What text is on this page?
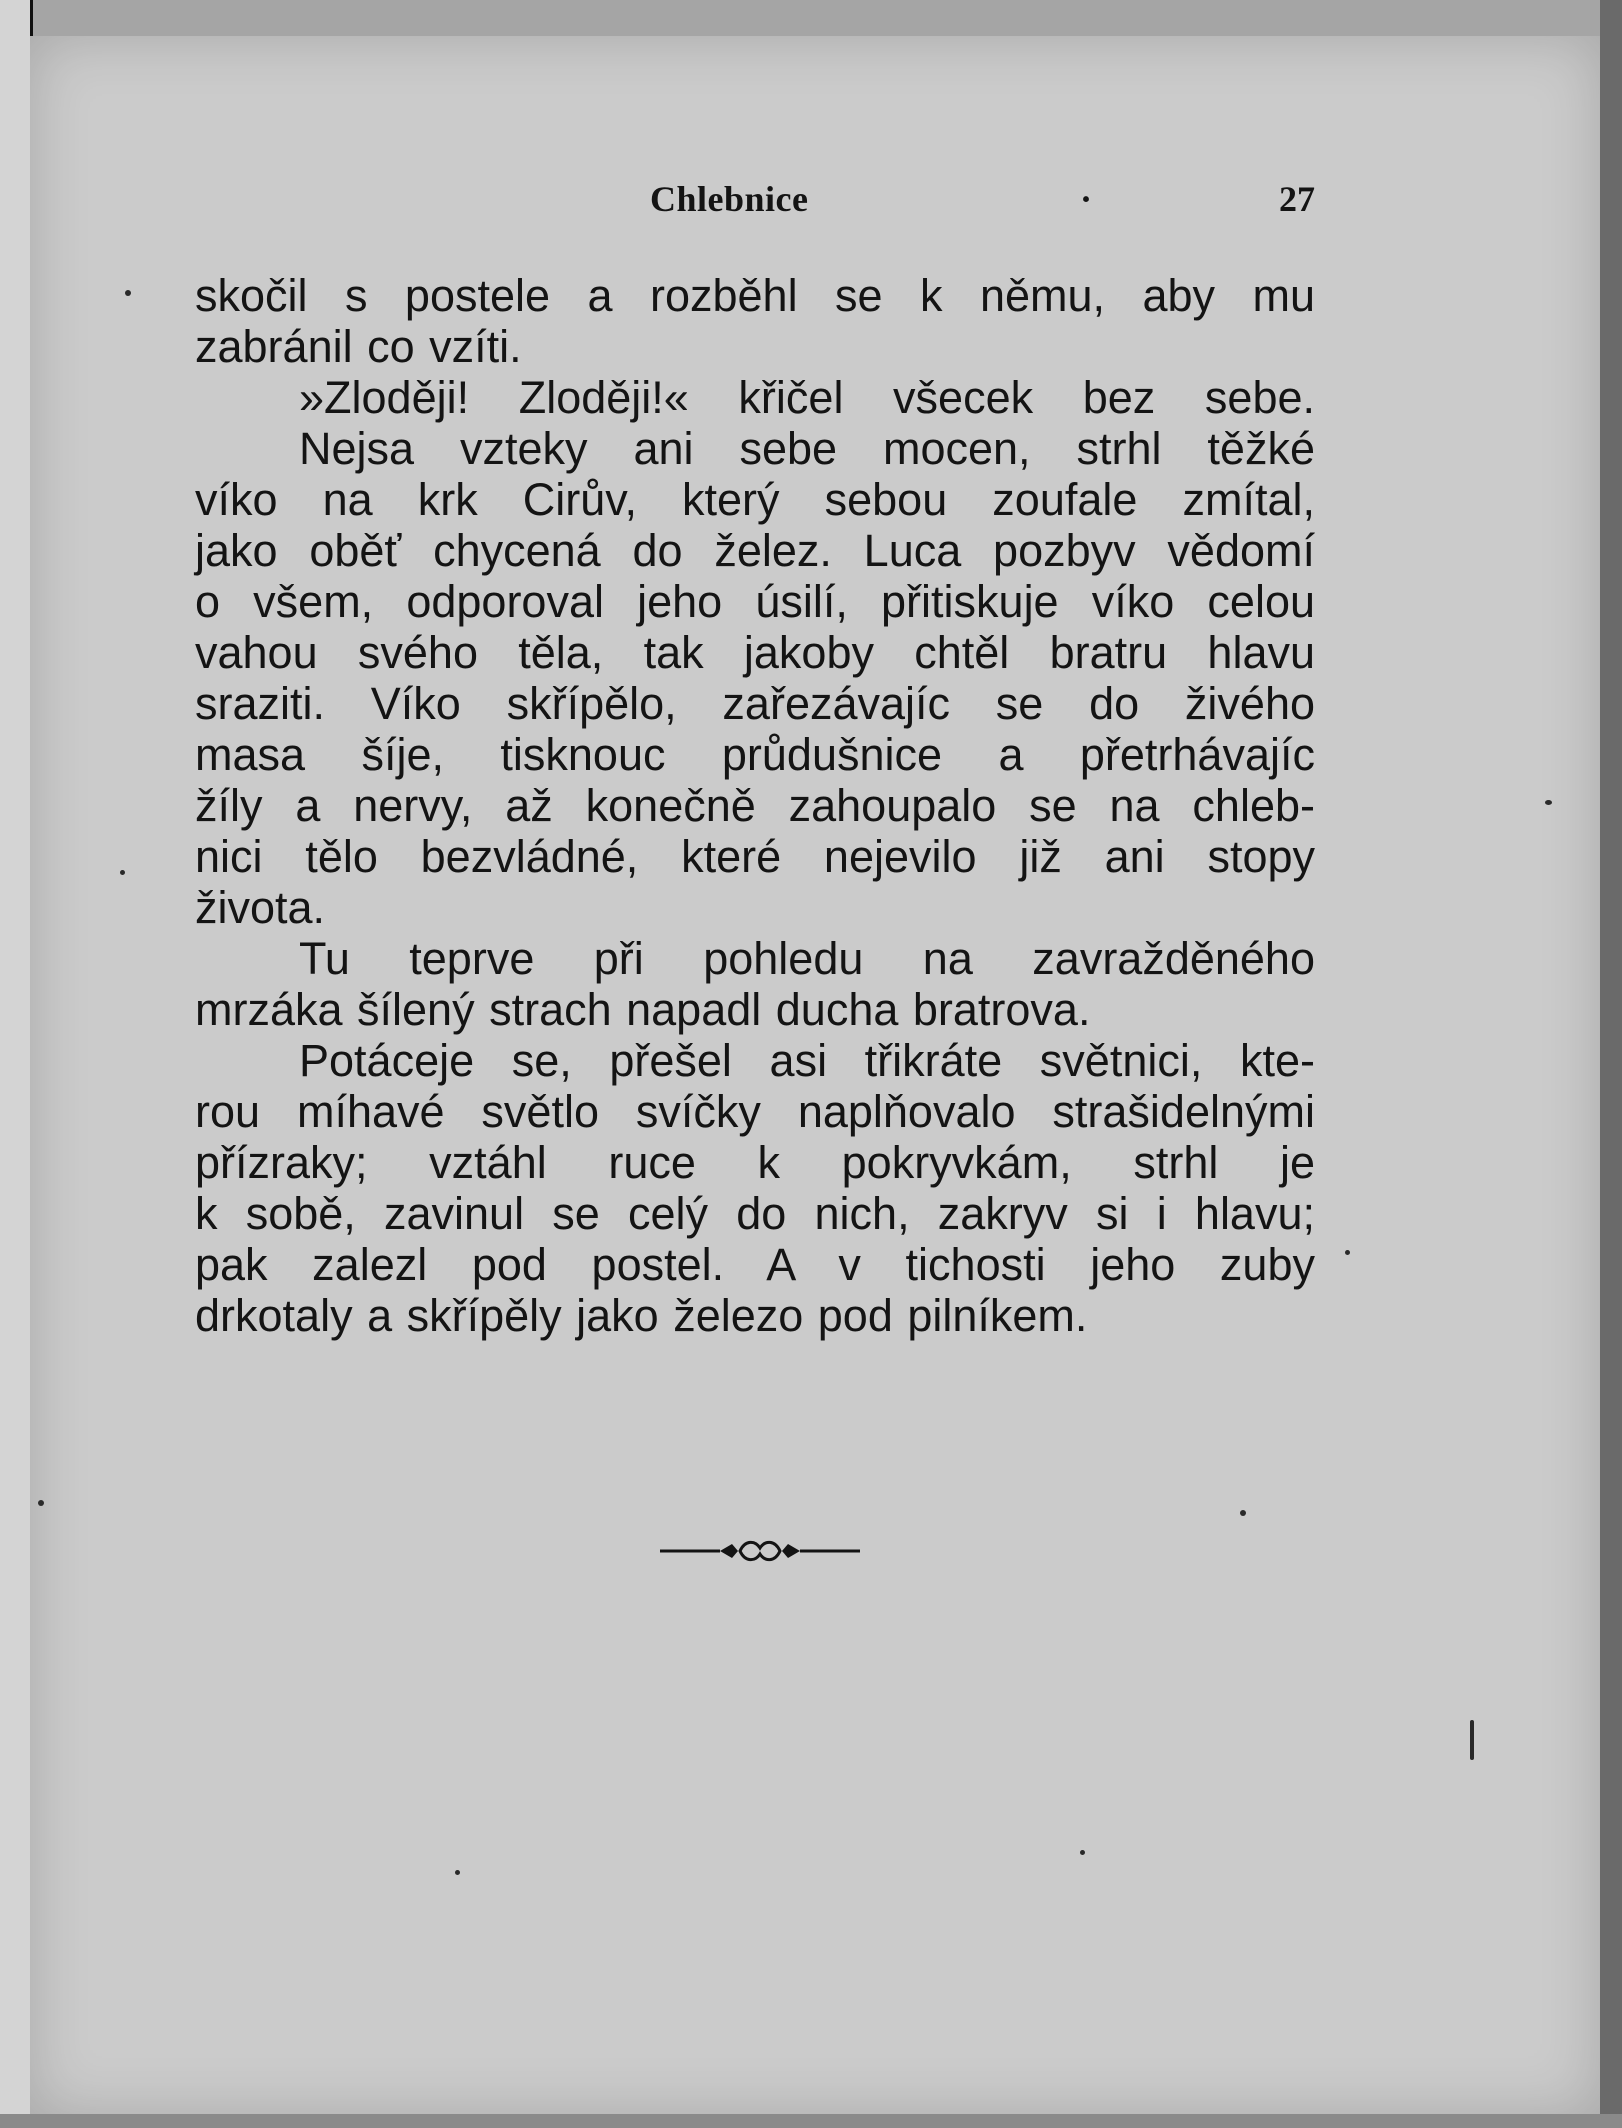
Chlebnice	·	27
skočil s postele a rozběhl se k němu, aby mu
zabránil co vzíti.
»Zloději! Zloději!« křičel všecek bez sebe.
Nejsa vzteky ani sebe mocen, strhl těžké
víko na krk Cirův, který sebou zoufale zmítal,
jako oběť chycená do želez. Luca pozbyv vědomí
o všem, odporoval jeho úsilí, přitiskuje víko celou
vahou svého těla, tak jakoby chtěl bratru hlavu
sraziti. Víko skřípělo, zařezávajíc se do živého
masa šíje, tisknouc průdušnice a přetrhávajíc
žíly a nervy, až konečně zahoupalo se na chleb-
nici tělo bezvládné, které nejevilo již ani stopy
života.
Tu teprve při pohledu na zavražděného
mrzáka šílený strach napadl ducha bratrova.
Potáceje se, přešel asi třikráte světnici, kte-
rou míhavé světlo svíčky naplňovalo strašidelnými
přízraky; vztáhl ruce k pokryvkám, strhl je
k sobě, zavinul se celý do nich, zakryv si i hlavu;
pak zalezl pod postel. A v tichosti jeho zuby
drkotaly a skřípěly jako železo pod pilníkem.
